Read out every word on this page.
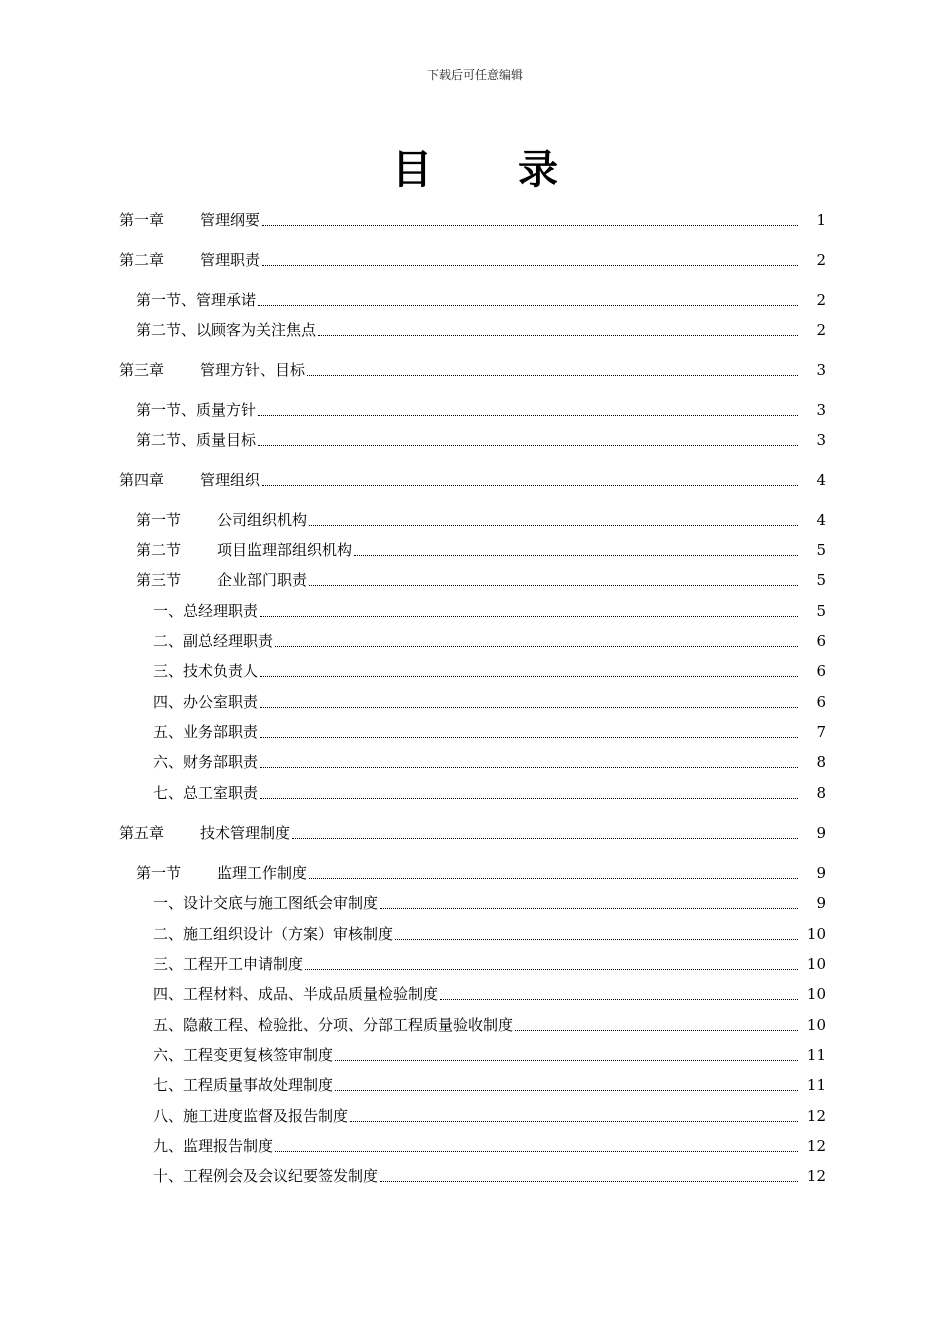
下载后可任意编辑
目 录
第一章 管理纲要	1
第二章 管理职责	2
第一节、管理承诺	2
第二节、以顾客为关注焦点	2
第三章 管理方针、目标	3
第一节、质量方针	3
第二节、质量目标	3
第四章 管理组织	4
第一节 公司组织机构	4
第二节 项目监理部组织机构	5
第三节 企业部门职责	5
一、总经理职责	5
二、副总经理职责	6
三、技术负责人	6
四、办公室职责	6
五、业务部职责	7
六、财务部职责	8
七、总工室职责	8
第五章 技术管理制度	9
第一节 监理工作制度	9
一、设计交底与施工图纸会审制度	9
二、施工组织设计（方案）审核制度	10
三、工程开工申请制度	10
四、工程材料、成品、半成品质量检验制度	10
五、隐蔽工程、检验批、分项、分部工程质量验收制度	10
六、工程变更复核签审制度	11
七、工程质量事故处理制度	11
八、施工进度监督及报告制度	12
九、监理报告制度	12
十、工程例会及会议纪要签发制度	12
